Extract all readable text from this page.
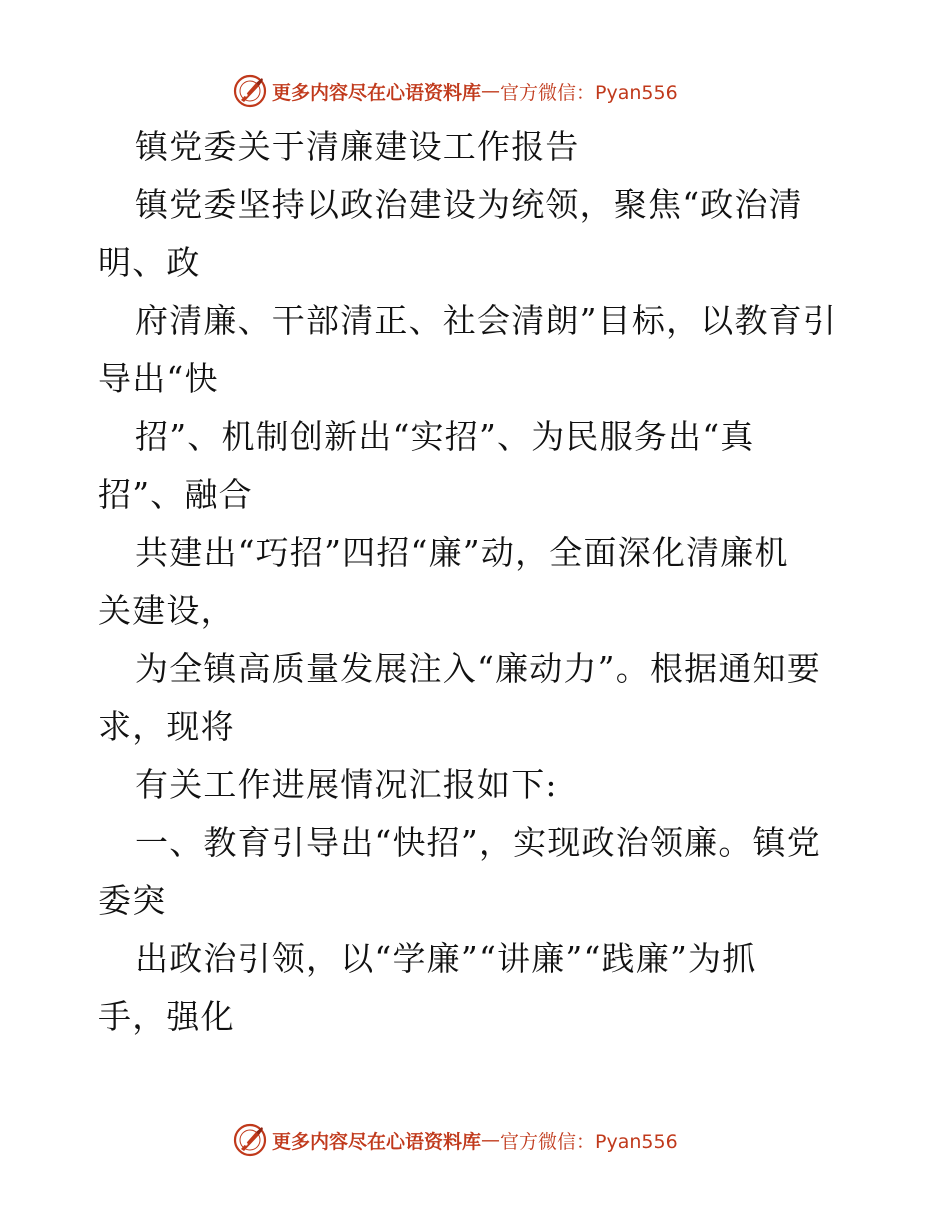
更多内容尽在心语资料库 — 官方微信：Pyan556
镇党委关于清廉建设工作报告
镇党委坚持以政治建设为统领，聚焦“政治清
明、政
府清廉、干部清正、社会清朗”目标，以教育引
导出“快
招”、机制创新出“实招”、为民服务出“真
招”、融合
共建出“巧招”四招“廉”动，全面深化清廉机
关建设，
为全镇高质量发展注入“廉动力”。根据通知要
求，现将
有关工作进展情况汇报如下:
一、教育引导出“快招”，实现政治领廉。镇党
委突
出政治引领，以“学廉”“讲廉”“践廉”为抓
手，强化
更多内容尽在心语资料库 — 官方微信：Pyan556
